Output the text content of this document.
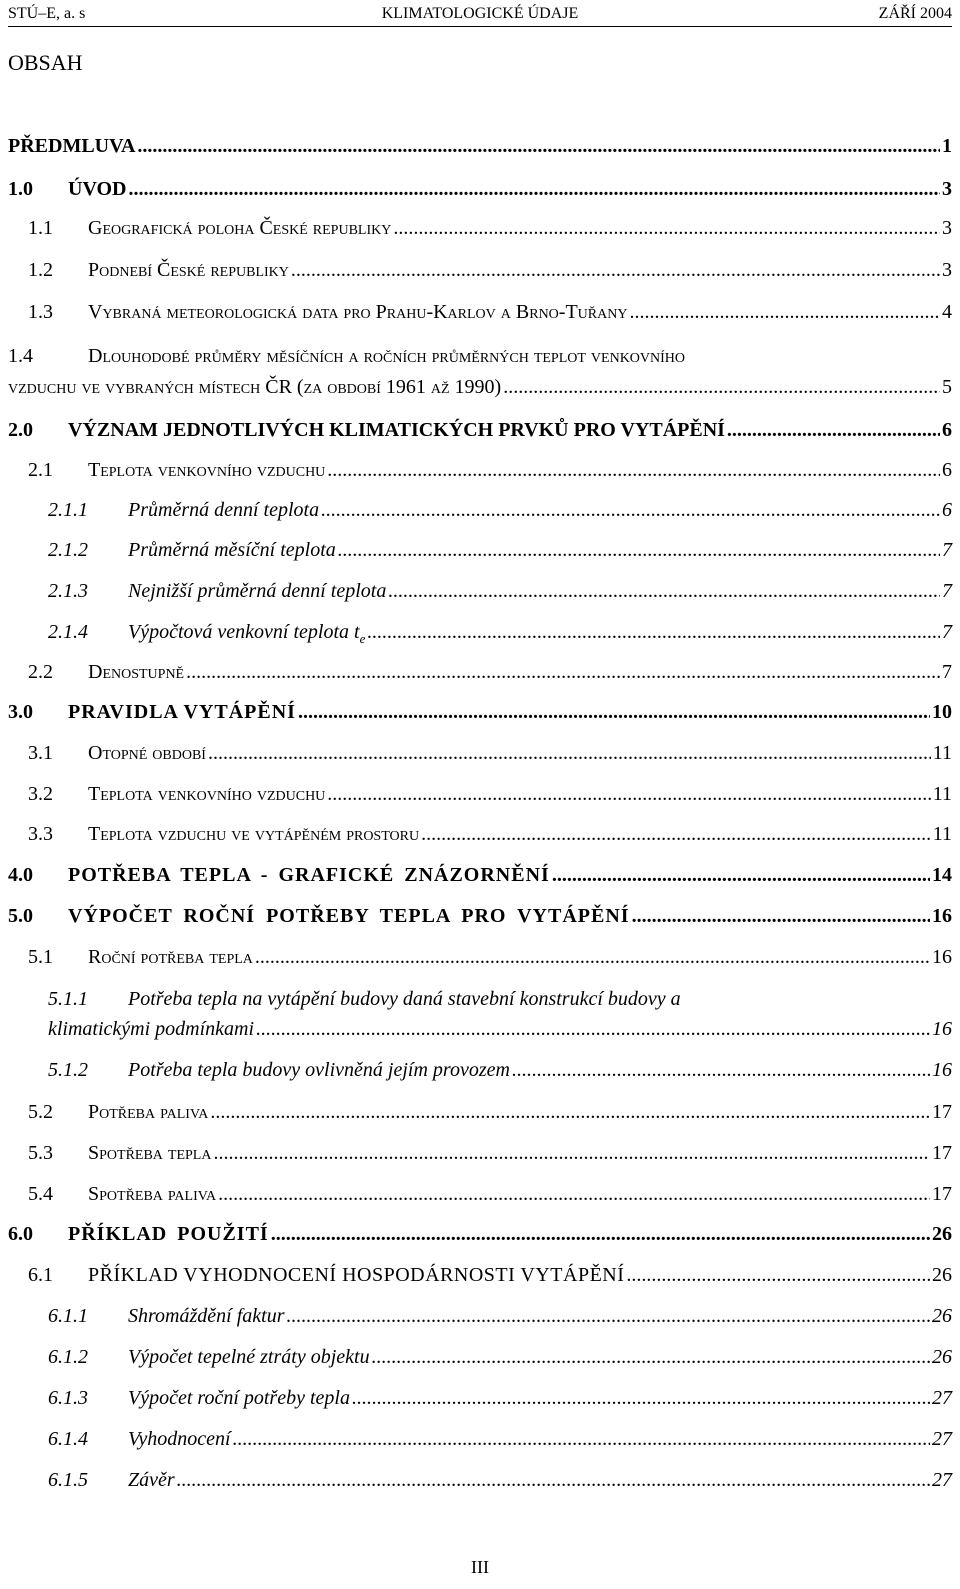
STÚ–E, a. s	KLIMATOLOGICKÉ ÚDAJE	ZÁŘÍ 2004
OBSAH
PŘEDMLUVA .....	1
1.0 ÚVOD .....	3
1.1 Geografická poloha České republiky .....	3
1.2 Podnebí České republiky .....	3
1.3 Vybraná meteorologická data pro Prahu-Karlov a Brno-Tuřany .....	4
1.4	Dlouhodobé průměry měsíčních a ročních průměrných teplot venkovního
vzduchu ve vybraných místech ČR (za období 1961 až 1990) .....	5
2.0 VÝZNAM JEDNOTLIVÝCH KLIMATICKÝCH PRVKŮ PRO VYTÁPĚNÍ .....	6
2.1 Teplota venkovního vzduchu .....	6
2.1.1 Průměrná denní teplota .....	6
2.1.2 Průměrná měsíční teplota .....	7
2.1.3 Nejnižší průměrná denní teplota .....	7
2.1.4 Výpočtová venkovní teplota $t_e$ .....	7
2.2 Denostupně .....	7
3.0 PRAVIDLA VYTÁPĚNÍ .....	10
3.1 Otopné období .....	11
3.2 Teplota venkovního vzduchu .....	11
3.3 Teplota vzduchu ve vytápěném prostoru .....	11
4.0 POTŘEBA TEPLA - GRAFICKÉ ZNÁZORNĚNÍ .....	14
5.0 VÝPOČET ROČNÍ POTŘEBY TEPLA PRO VYTÁPĚNÍ .....	16
5.1 Roční potřeba tepla .....	16
5.1.1 Potřeba tepla na vytápění budovy daná stavební konstrukcí budovy a
klimatickými podmínkami .....	16
5.1.2 Potřeba tepla budovy ovlivněná jejím provozem .....	16
5.2 Potřeba paliva .....	17
5.3 Spotřeba tepla .....	17
5.4 Spotřeba paliva .....	17
6.0 PŘÍKLAD POUŽITÍ .....	26
6.1 PŘÍKLAD VYHODNOCENÍ HOSPODÁRNOSTI VYTÁPĚNÍ .....	26
6.1.1 Shromáždění faktur .....	26
6.1.2 Výpočet tepelné ztráty objektu .....	26
6.1.3 Výpočet roční potřeby tepla .....	27
6.1.4 Vyhodnocení .....	27
6.1.5 Závěr .....	27
III
